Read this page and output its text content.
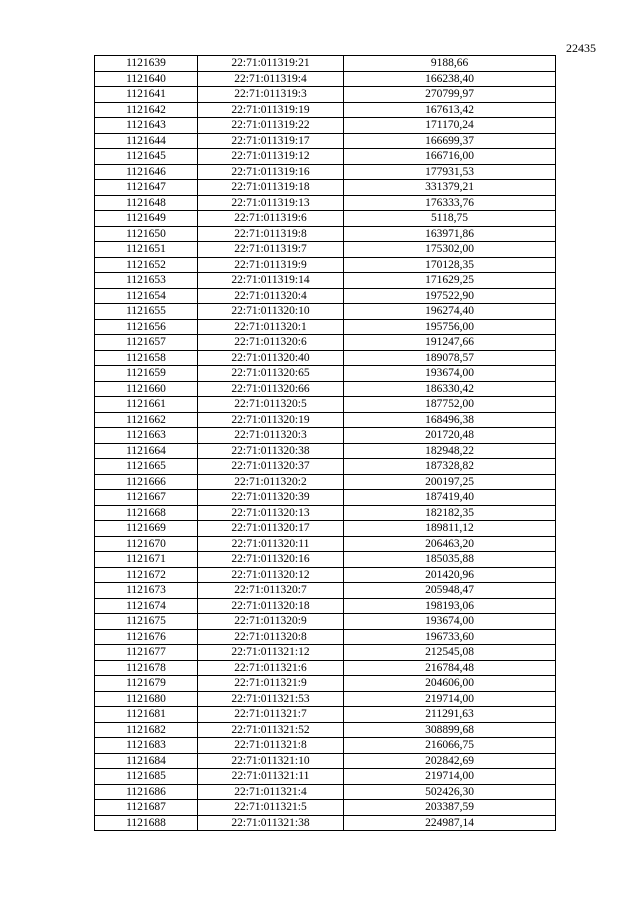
22435
1121639	22:71:011319:21	9188,66
1121640	22:71:011319:4	166238,40
1121641	22:71:011319:3	270799,97
1121642	22:71:011319:19	167613,42
1121643	22:71:011319:22	171170,24
1121644	22:71:011319:17	166699,37
1121645	22:71:011319:12	166716,00
1121646	22:71:011319:16	177931,53
1121647	22:71:011319:18	331379,21
1121648	22:71:011319:13	176333,76
1121649	22:71:011319:6	5118,75
1121650	22:71:011319:8	163971,86
1121651	22:71:011319:7	175302,00
1121652	22:71:011319:9	170128,35
1121653	22:71:011319:14	171629,25
1121654	22:71:011320:4	197522,90
1121655	22:71:011320:10	196274,40
1121656	22:71:011320:1	195756,00
1121657	22:71:011320:6	191247,66
1121658	22:71:011320:40	189078,57
1121659	22:71:011320:65	193674,00
1121660	22:71:011320:66	186330,42
1121661	22:71:011320:5	187752,00
1121662	22:71:011320:19	168496,38
1121663	22:71:011320:3	201720,48
1121664	22:71:011320:38	182948,22
1121665	22:71:011320:37	187328,82
1121666	22:71:011320:2	200197,25
1121667	22:71:011320:39	187419,40
1121668	22:71:011320:13	182182,35
1121669	22:71:011320:17	189811,12
1121670	22:71:011320:11	206463,20
1121671	22:71:011320:16	185035,88
1121672	22:71:011320:12	201420,96
1121673	22:71:011320:7	205948,47
1121674	22:71:011320:18	198193,06
1121675	22:71:011320:9	193674,00
1121676	22:71:011320:8	196733,60
1121677	22:71:011321:12	212545,08
1121678	22:71:011321:6	216784,48
1121679	22:71:011321:9	204606,00
1121680	22:71:011321:53	219714,00
1121681	22:71:011321:7	211291,63
1121682	22:71:011321:52	308899,68
1121683	22:71:011321:8	216066,75
1121684	22:71:011321:10	202842,69
1121685	22:71:011321:11	219714,00
1121686	22:71:011321:4	502426,30
1121687	22:71:011321:5	203387,59
1121688	22:71:011321:38	224987,14
